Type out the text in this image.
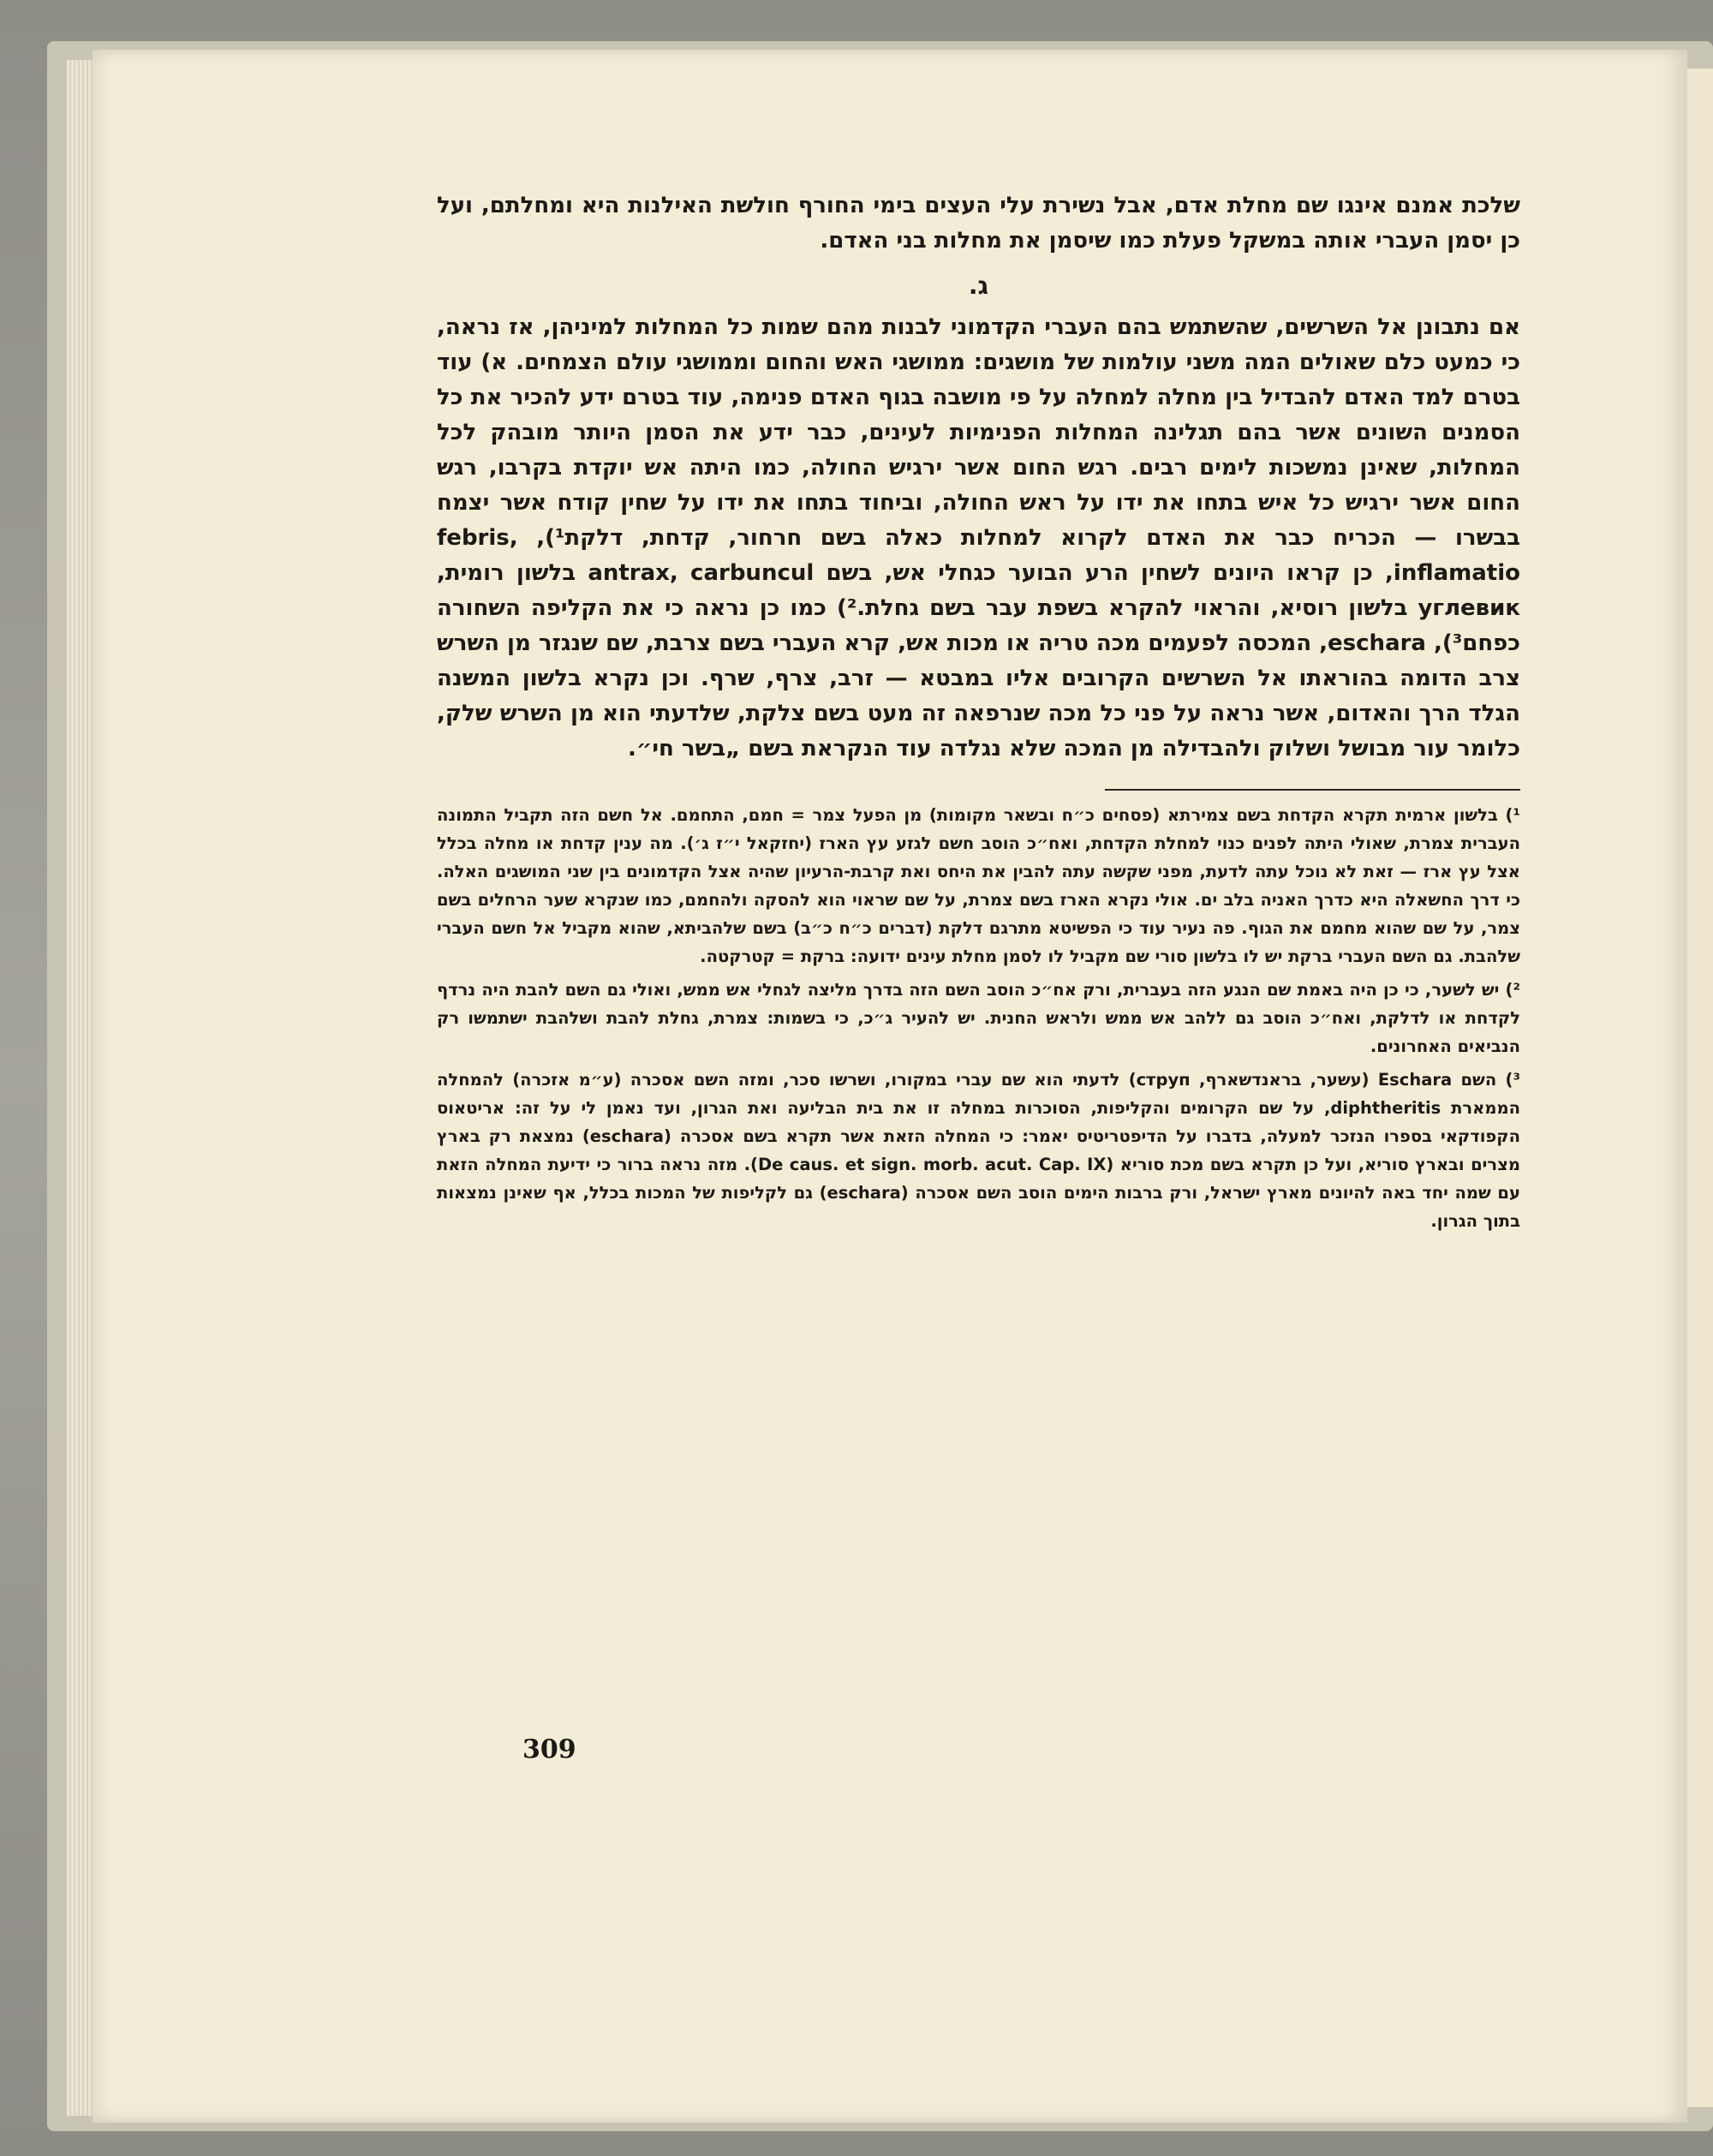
שלכת אמנם אינגו שם מחלת אדם, אבל נשירת עלי העצים בימי החורף חולשת האילנות היא ומחלתם, ועל כן יסמן העברי אותה במשקל פעלת כמו שיסמן את מחלות בני האדם.

ג.

אם נתבונן אל השרשים, שהשתמש בהם העברי הקדמוני לבנות מהם שמות כל המחלות למיניהן, אז נראה, כי כמעט כלם שאולים המה משני עולמות של מושגים: ממושגי האש והחום וממושגי עולם הצמחים. א) עוד בטרם למד האדם להבדיל בין מחלה למחלה על פי מושבה בגוף האדם פנימה, עוד בטרם ידע להכיר את כל הסמנים השונים אשר בהם תגלינה המחלות הפנימיות לעינים, כבר ידע את הסמן היותר מובהק לכל המחלות, שאינן נמשכות לימים רבים. רגש החום אשר ירגיש החולה, כמו היתה אש יוקדת בקרבו, רגש החום אשר ירגיש כל איש בתחו את ידו על ראש החולה, וביחוד בתחו את ידו על שחין קודח אשר יצמח בבשרו — הכריח כבר את האדם לקרוא למחלות כאלה בשם חרחור, קדחת, דלקת¹), febris, inflamatio, כן קראו היונים לשחין הרע הבוער כגחלי אש, בשם antrax, carbuncul בלשון רומית, углевик בלשון רוסיא, והראוי להקרא בשפת עבר בשם גחלת.²) כמו כן נראה כי את הקליפה השחורה כפחם³), eschara, המכסה לפעמים מכה טריה או מכות אש, קרא העברי בשם צרבת, שם שנגזר מן השרש צרב הדומה בהוראתו אל השרשים הקרובים אליו במבטא — זרב, צרף, שרף. וכן נקרא בלשון המשנה הגלד הרך והאדום, אשר נראה על פני כל מכה שנרפאה זה מעט בשם צלקת, שלדעתי הוא מן השרש שלק, כלומר עור מבושל ושלוק ולהבדילה מן המכה שלא נגלדה עוד הנקראת בשם „בשר חי״.

¹) בלשון ארמית תקרא הקדחת בשם צמירתא (פסחים כ״ח ובשאר מקומות) מן הפעל צמר = חמם, התחמם. אל חשם הזה תקביל התמונה העברית צמרת, שאולי היתה לפנים כנוי למחלת הקדחת, ואח״כ הוסב חשם לגזע עץ הארז (יחזקאל י״ז ג׳). מה ענין קדחת או מחלה בכלל אצל עץ ארז — זאת לא נוכל עתה לדעת, מפני שקשה עתה להבין את היחס ואת קרבת-הרעיון שהיה אצל הקדמונים בין שני המושגים האלה. כי דרך החשאלה היא כדרך האניה בלב ים. אולי נקרא הארז בשם צמרת, על שם שראוי הוא להסקה ולהחמם, כמו שנקרא שער הרחלים בשם צמר, על שם שהוא מחמם את הגוף. פה נעיר עוד כי הפשיטא מתרגם דלקת (דברים כ״ח כ״ב) בשם שלהביתא, שהוא מקביל אל חשם העברי שלהבת. גם השם העברי ברקת יש לו בלשון סורי שם מקביל לו לסמן מחלת עינים ידועה: ברקת = קטרקטה.

²) יש לשער, כי כן היה באמת שם הנגע הזה בעברית, ורק אח״כ הוסב השם הזה בדרך מליצה לגחלי אש ממש, ואולי גם השם להבת היה נרדף לקדחת או לדלקת, ואח״כ הוסב גם ללהב אש ממש ולראש החנית. יש להעיר ג״כ, כי בשמות: צמרת, גחלת להבת ושלהבת ישתמשו רק הנביאים האחרונים.

³) השם Eschara (עשער, בראנדשארף, струп) לדעתי הוא שם עברי במקורו, ושרשו סכר, ומזה השם אסכרה (ע״מ אזכרה) להמחלה הממארת diphtheritis, על שם הקרומים והקליפות, הסוכרות במחלה זו את בית הבליעה ואת הגרון, ועד נאמן לי על זה: אריטאוס הקפודקאי בספרו הנזכר למעלה, בדברו על הדיפטריטיס יאמר: כי המחלה הזאת אשר תקרא בשם אסכרה (eschara) נמצאת רק בארץ מצרים ובארץ סוריא, ועל כן תקרא בשם מכת סוריא (De caus. et sign. morb. acut. Cap. IX). מזה נראה ברור כי ידיעת המחלה הזאת עם שמה יחד באה להיונים מארץ ישראל, ורק ברבות הימים הוסב השם אסכרה (eschara) גם לקליפות של המכות בכלל, אף שאינן נמצאות בתוך הגרון.

309
